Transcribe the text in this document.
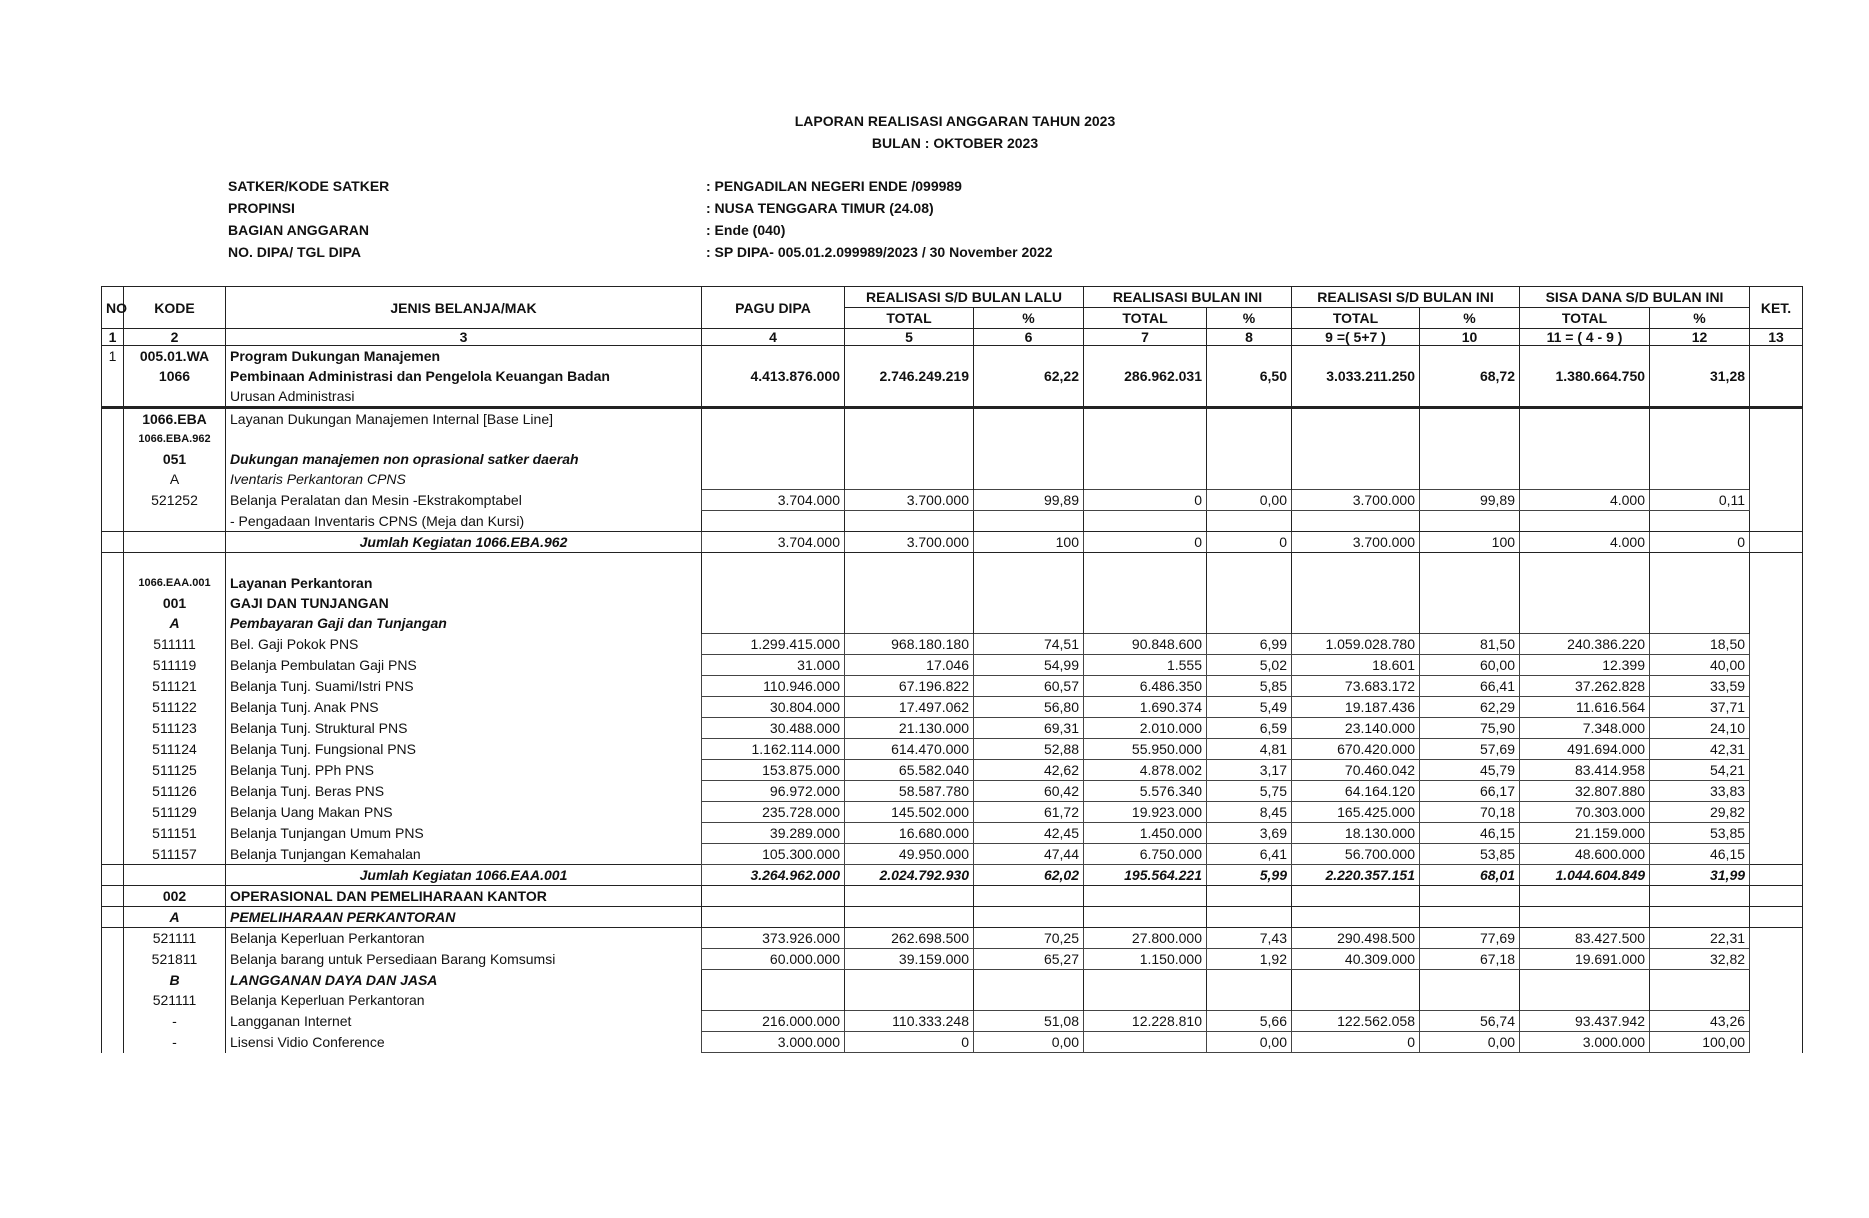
LAPORAN REALISASI ANGGARAN TAHUN 2023
BULAN : OKTOBER 2023
SATKER/KODE SATKER	: PENGADILAN NEGERI ENDE /099989
PROPINSI	: NUSA TENGGARA TIMUR (24.08)
BAGIAN ANGGARAN	: Ende (040)
NO. DIPA/ TGL DIPA	: SP DIPA- 005.01.2.099989/2023 / 30 November 2022
NO	KODE	JENIS BELANJA/MAK	PAGU DIPA	REALISASI S/D BULAN LALU		REALISASI BULAN INI		REALISASI S/D BULAN INI		SISA DANA S/D BULAN INI		KET.
				TOTAL	%	TOTAL	%	TOTAL	%	TOTAL	%	
1	2	3	4	5	6	7	8	9 =( 5+7 )	10	11 = ( 4 - 9 )	12	13
1	005.01.WA	Program Dukungan Manajemen										
	1066	Pembinaan Administrasi dan Pengelola Keuangan Badan	4.413.876.000	2.746.249.219	62,22	286.962.031	6,50	3.033.211.250	68,72	1.380.664.750	31,28	
		Urusan Administrasi										
	1066.EBA	Layanan Dukungan Manajemen Internal [Base Line]										
	1066.EBA.962											
	051	Dukungan manajemen non oprasional satker daerah										
	A	Iventaris Perkantoran CPNS										
	521252	Belanja Peralatan dan Mesin -Ekstrakomptabel	3.704.000	3.700.000	99,89	0	0,00	3.700.000	99,89	4.000	0,11	
		- Pengadaan Inventaris CPNS (Meja dan Kursi)										
		Jumlah Kegiatan 1066.EBA.962	3.704.000	3.700.000	100	0	0	3.700.000	100	4.000	0	

	1066.EAA.001	Layanan Perkantoran										
	001	GAJI DAN TUNJANGAN										
	A	Pembayaran Gaji dan Tunjangan										
	511111	Bel. Gaji Pokok PNS	1.299.415.000	968.180.180	74,51	90.848.600	6,99	1.059.028.780	81,50	240.386.220	18,50	
	511119	Belanja Pembulatan Gaji PNS	31.000	17.046	54,99	1.555	5,02	18.601	60,00	12.399	40,00	
	511121	Belanja Tunj. Suami/Istri PNS	110.946.000	67.196.822	60,57	6.486.350	5,85	73.683.172	66,41	37.262.828	33,59	
	511122	Belanja Tunj. Anak PNS	30.804.000	17.497.062	56,80	1.690.374	5,49	19.187.436	62,29	11.616.564	37,71	
	511123	Belanja Tunj. Struktural PNS	30.488.000	21.130.000	69,31	2.010.000	6,59	23.140.000	75,90	7.348.000	24,10	
	511124	Belanja Tunj. Fungsional PNS	1.162.114.000	614.470.000	52,88	55.950.000	4,81	670.420.000	57,69	491.694.000	42,31	
	511125	Belanja Tunj. PPh PNS	153.875.000	65.582.040	42,62	4.878.002	3,17	70.460.042	45,79	83.414.958	54,21	
	511126	Belanja Tunj. Beras PNS	96.972.000	58.587.780	60,42	5.576.340	5,75	64.164.120	66,17	32.807.880	33,83	
	511129	Belanja Uang Makan PNS	235.728.000	145.502.000	61,72	19.923.000	8,45	165.425.000	70,18	70.303.000	29,82	
	511151	Belanja Tunjangan Umum PNS	39.289.000	16.680.000	42,45	1.450.000	3,69	18.130.000	46,15	21.159.000	53,85	
	511157	Belanja Tunjangan Kemahalan	105.300.000	49.950.000	47,44	6.750.000	6,41	56.700.000	53,85	48.600.000	46,15	
		Jumlah Kegiatan 1066.EAA.001	3.264.962.000	2.024.792.930	62,02	195.564.221	5,99	2.220.357.151	68,01	1.044.604.849	31,99	
	002	OPERASIONAL DAN PEMELIHARAAN KANTOR										
	A	PEMELIHARAAN PERKANTORAN										
	521111	Belanja Keperluan Perkantoran	373.926.000	262.698.500	70,25	27.800.000	7,43	290.498.500	77,69	83.427.500	22,31	
	521811	Belanja barang untuk Persediaan Barang Komsumsi	60.000.000	39.159.000	65,27	1.150.000	1,92	40.309.000	67,18	19.691.000	32,82	
	B	LANGGANAN DAYA DAN JASA										
	521111	Belanja Keperluan Perkantoran										
	-	Langganan Internet	216.000.000	110.333.248	51,08	12.228.810	5,66	122.562.058	56,74	93.437.942	43,26	
	-	Lisensi Vidio Conference	3.000.000	0	0,00		0,00	0	0,00	3.000.000	100,00	
